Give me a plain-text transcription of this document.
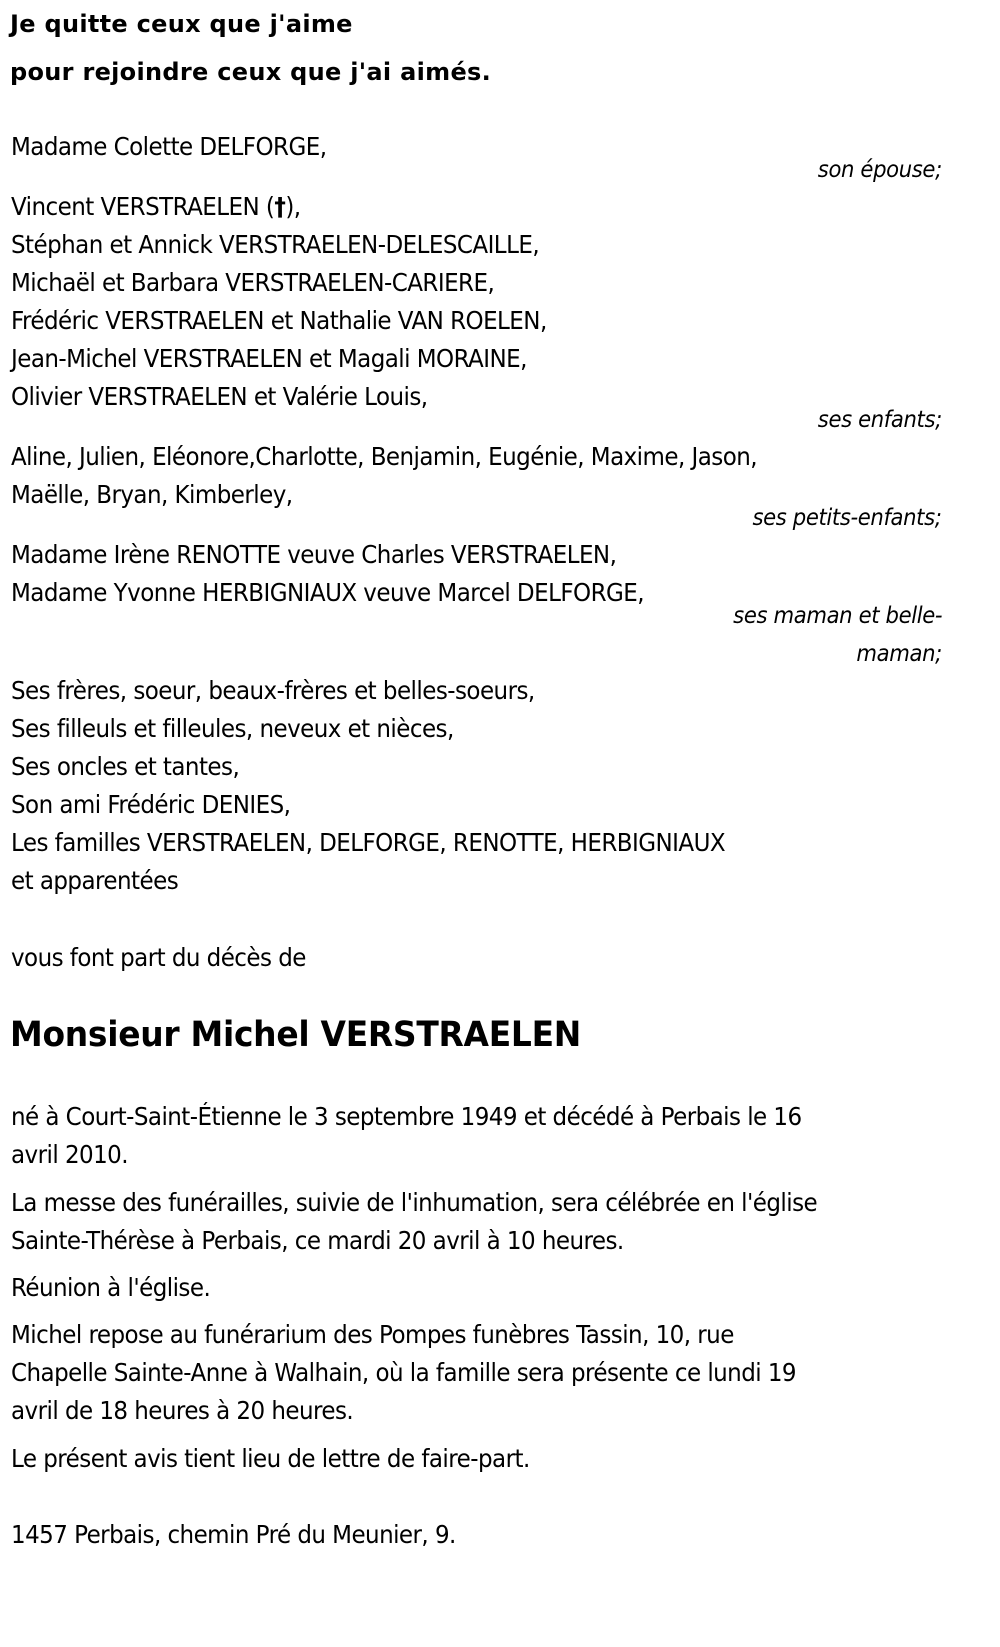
Je quitte ceux que j'aime
pour rejoindre ceux que j'ai aimés.
Madame Colette DELFORGE,
son épouse;
Vincent VERSTRAELEN (†),
Stéphan et Annick VERSTRAELEN-DELESCAILLE,
Michaël et Barbara VERSTRAELEN-CARIERE,
Frédéric VERSTRAELEN et Nathalie VAN ROELEN,
Jean-Michel VERSTRAELEN et Magali MORAINE,
Olivier VERSTRAELEN et Valérie Louis,
ses enfants;
Aline, Julien, Eléonore,Charlotte, Benjamin, Eugénie, Maxime, Jason,
Maëlle, Bryan, Kimberley,
ses petits-enfants;
Madame Irène RENOTTE veuve Charles VERSTRAELEN,
Madame Yvonne HERBIGNIAUX veuve Marcel DELFORGE,
ses maman et belle-
maman;
Ses frères, soeur, beaux-frères et belles-soeurs,
Ses filleuls et filleules, neveux et nièces,
Ses oncles et tantes,
Son ami Frédéric DENIES,
Les familles VERSTRAELEN, DELFORGE, RENOTTE, HERBIGNIAUX
et apparentées
vous font part du décès de
Monsieur Michel VERSTRAELEN
né à Court-Saint-Étienne le 3 septembre 1949 et décédé à Perbais le 16
avril 2010.
La messe des funérailles, suivie de l'inhumation, sera célébrée en l'église
Sainte-Thérèse à Perbais, ce mardi 20 avril à 10 heures.
Réunion à l'église.
Michel repose au funérarium des Pompes funèbres Tassin, 10, rue
Chapelle Sainte-Anne à Walhain, où la famille sera présente ce lundi 19
avril de 18 heures à 20 heures.
Le présent avis tient lieu de lettre de faire-part.
1457 Perbais, chemin Pré du Meunier, 9.
